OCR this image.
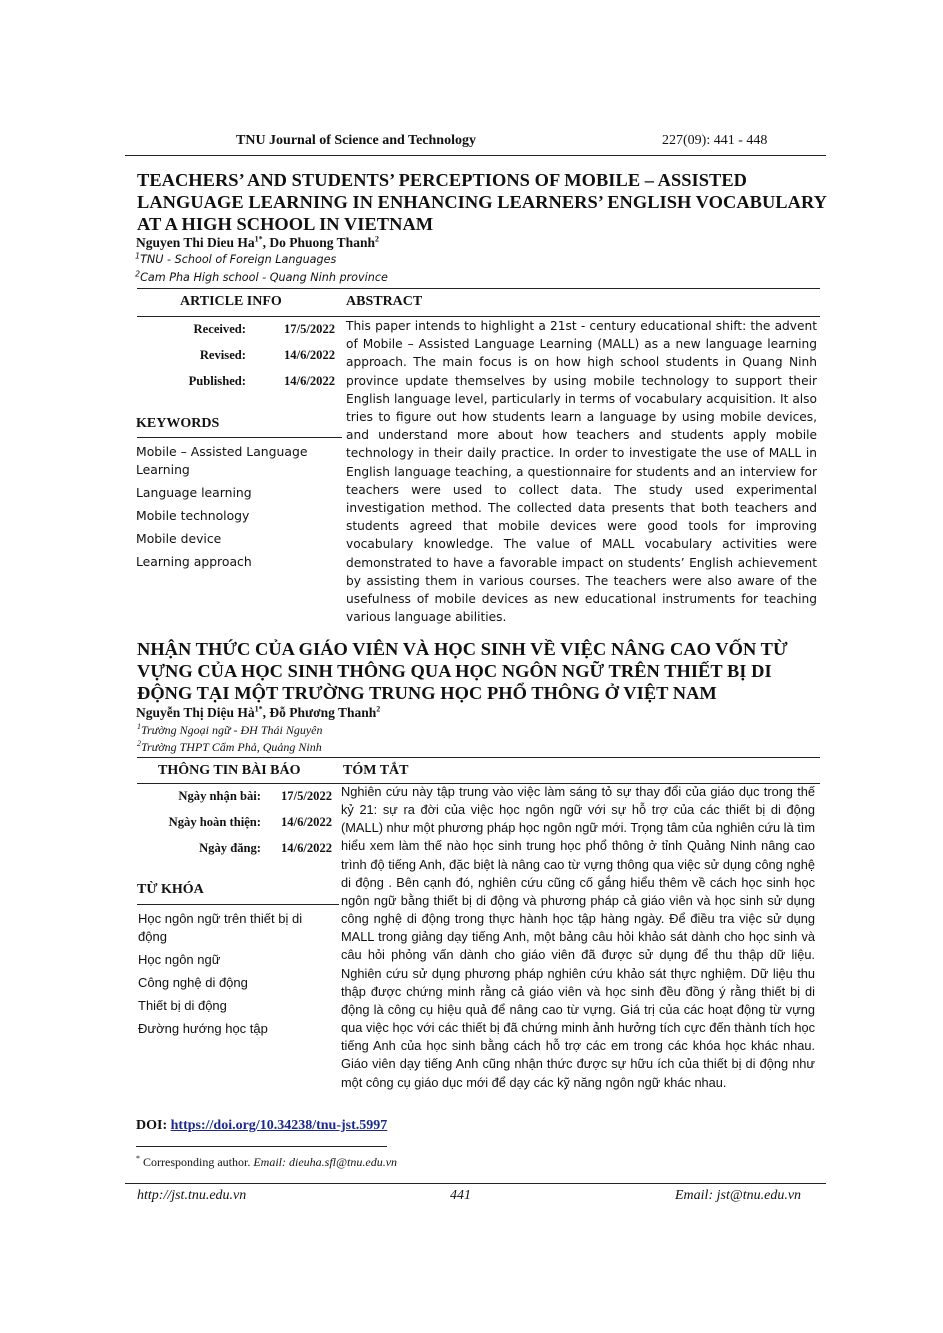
TNU Journal of Science and Technology	227(09): 441 - 448
TEACHERS’ AND STUDENTS’ PERCEPTIONS OF MOBILE – ASSISTED
LANGUAGE LEARNING IN ENHANCING LEARNERS’ ENGLISH VOCABULARY
AT A HIGH SCHOOL IN VIETNAM
Nguyen Thi Dieu $Ha^{1*}$, Do Phuong Thanh$^2$
$^1$TNU - School of Foreign Languages
$^2$Cam Pha High school - Quang Ninh province
ARTICLE INFO	ABSTRACT
Received:	17/5/2022
Revised:	14/6/2022
Published:	14/6/2022
KEYWORDS
Mobile – Assisted Language Learning
Language learning
Mobile technology
Mobile device
Learning approach
This paper intends to highlight a 21st - century educational shift: the advent of Mobile – Assisted Language Learning (MALL) as a new language learning approach. The main focus is on how high school students in Quang Ninh province update themselves by using mobile technology to support their English language level, particularly in terms of vocabulary acquisition. It also tries to figure out how students learn a language by using mobile devices, and understand more about how teachers and students apply mobile technology in their daily practice. In order to investigate the use of MALL in English language teaching, a questionnaire for students and an interview for teachers were used to collect data. The study used experimental investigation method. The collected data presents that both teachers and students agreed that mobile devices were good tools for improving vocabulary knowledge. The value of MALL vocabulary activities were demonstrated to have a favorable impact on students’ English achievement by assisting them in various courses. The teachers were also aware of the usefulness of mobile devices as new educational instruments for teaching various language abilities.
NHẬN THỨC CỦA GIÁO VIÊN VÀ HỌC SINH VỀ VIỆC NÂNG CAO VỐN TỪ
VỰNG CỦA HỌC SINH THÔNG QUA HỌC NGÔN NGỮ TRÊN THIẾT BỊ DI
ĐỘNG TẠI MỘT TRƯỜNG TRUNG HỌC PHỔ THÔNG Ở VIỆT NAM
Nguyễn Thị Diệu $Hà^{1*}$, Đỗ Phương Thanh$^2$
$^1$Trường Ngoại ngữ - ĐH Thái Nguyên
$^2$Trường THPT Cẩm Phả, Quảng Ninh
THÔNG TIN BÀI BÁO	TÓM TẮT
Ngày nhận bài: 17/5/2022
Ngày hoàn thiện: 14/6/2022
Ngày đăng: 14/6/2022
TỪ KHÓA
Học ngôn ngữ trên thiết bị di động
Học ngôn ngữ
Công nghệ di động
Thiết bị di động
Đường hướng học tập
Nghiên cứu này tập trung vào việc làm sáng tỏ sự thay đổi của giáo dục trong thế kỷ 21: sự ra đời của việc học ngôn ngữ với sự hỗ trợ của các thiết bị di động (MALL) như một phương pháp học ngôn ngữ mới. Trọng tâm của nghiên cứu là tìm hiểu xem làm thế nào học sinh trung học phổ thông ở tỉnh Quảng Ninh nâng cao trình độ tiếng Anh, đặc biệt là nâng cao từ vựng thông qua việc sử dụng công nghệ di động . Bên cạnh đó, nghiên cứu cũng cố gắng hiểu thêm về cách học sinh học ngôn ngữ bằng thiết bị di động và phương pháp cả giáo viên và học sinh sử dụng công nghệ di động trong thực hành học tập hàng ngày. Để điều tra việc sử dụng MALL trong giảng dạy tiếng Anh, một bảng câu hỏi khảo sát dành cho học sinh và câu hỏi phỏng vấn dành cho giáo viên đã được sử dụng để thu thập dữ liệu. Nghiên cứu sử dụng phương pháp nghiên cứu khảo sát thực nghiệm. Dữ liệu thu thập được chứng minh rằng cả giáo viên và học sinh đều đồng ý rằng thiết bị di động là công cụ hiệu quả để nâng cao từ vựng. Giá trị của các hoạt động từ vựng qua việc học với các thiết bị đã chứng minh ảnh hưởng tích cực đến thành tích học tiếng Anh của học sinh bằng cách hỗ trợ các em trong các khóa học khác nhau. Giáo viên dạy tiếng Anh cũng nhận thức được sự hữu ích của thiết bị di động như một công cụ giáo dục mới để dạy các kỹ năng ngôn ngữ khác nhau.
DOI: https://doi.org/10.34238/tnu-jst.5997
* Corresponding author. Email: dieuha.sfl@tnu.edu.vn
http://jst.tnu.edu.vn	441	Email: jst@tnu.edu.vn
